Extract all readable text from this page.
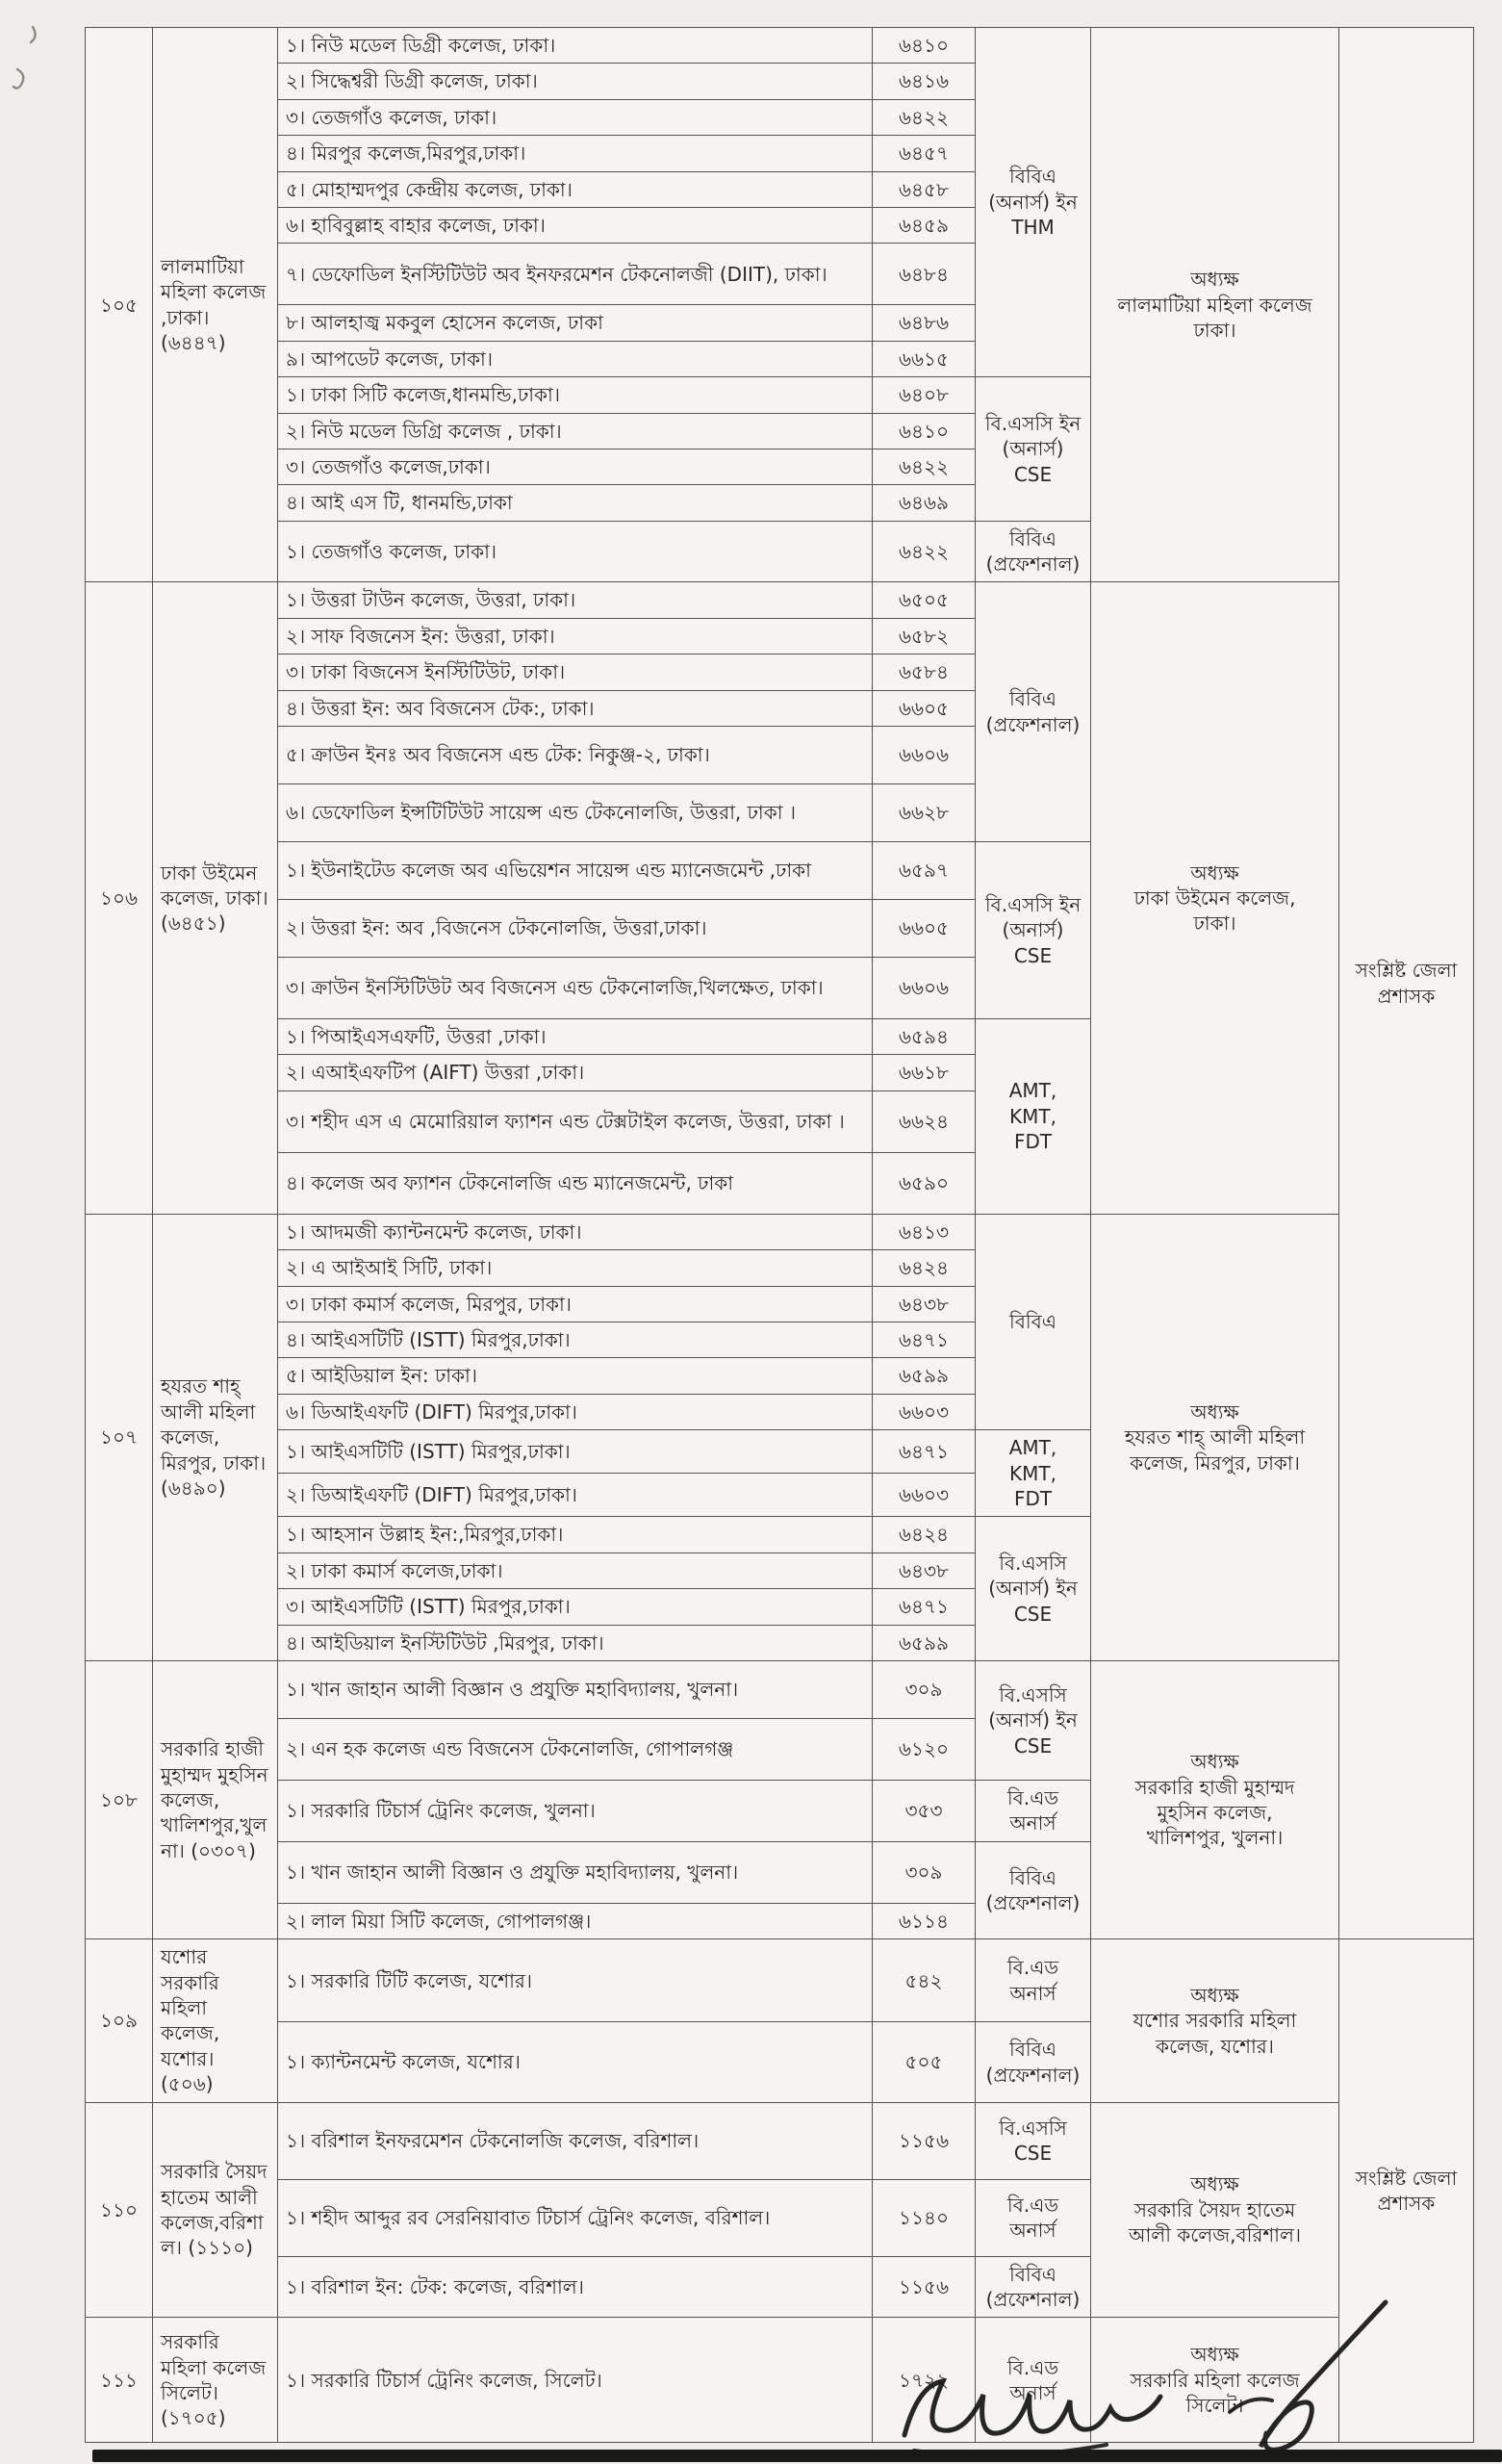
১০৫	লালমাটিয়া মহিলা কলেজ ,ঢাকা।(৬৪৪৭)	১। নিউ মডেল ডিগ্রী কলেজ, ঢাকা।	৬৪১০	বিবিএ
(অনার্স) ইন
THM	অধ্যক্ষ
লালমাটিয়া মহিলা কলেজ
ঢাকা।	সংশ্লিষ্ট জেলা
প্রশাসক

		২। সিদ্ধেশ্বরী ডিগ্রী কলেজ, ঢাকা।	৬৪১৬			
		৩। তেজগাঁও কলেজ, ঢাকা।	৬৪২২			
		৪। মিরপুর কলেজ,মিরপুর,ঢাকা।	৬৪৫৭			
		৫। মোহাম্মদপুর কেন্দ্রীয় কলেজ, ঢাকা।	৬৪৫৮			
		৬। হাবিবুল্লাহ বাহার কলেজ, ঢাকা।	৬৪৫৯			
		৭। ডেফোডিল ইনস্টিটিউট অব ইনফরমেশন টেকনোলজী (DIIT), ঢাকা।	৬৪৮৪			
		৮। আলহাজ্ব মকবুল হোসেন কলেজ, ঢাকা	৬৪৮৬			
		৯। আপডেট কলেজ, ঢাকা।	৬৬১৫			
		১। ঢাকা সিটি কলেজ,ধানমন্ডি,ঢাকা।	৬৪০৮	বি.এসসি ইন
(অনার্স)
CSE		

		২। নিউ মডেল ডিগ্রি কলেজ , ঢাকা।	৬৪১০			
		৩। তেজগাঁও কলেজ,ঢাকা।	৬৪২২			
		৪। আই এস টি, ধানমন্ডি,ঢাকা	৬৪৬৯			
		১। তেজগাঁও কলেজ, ঢাকা।	৬৪২২	বিবিএ
(প্রফেশনাল)		

১০৬	ঢাকা উইমেন কলেজ, ঢাকা। (৬৪৫১)	১। উত্তরা টাউন কলেজ, উত্তরা, ঢাকা।	৬৫০৫	বিবিএ
(প্রফেশনাল)	অধ্যক্ষ
ঢাকা উইমেন কলেজ,
ঢাকা।	

		২। সাফ বিজনেস ইন: উত্তরা, ঢাকা।	৬৫৮২			
		৩। ঢাকা বিজনেস ইনস্টিটিউট, ঢাকা।	৬৫৮৪			
		৪। উত্তরা ইন: অব বিজনেস টেক:, ঢাকা।	৬৬০৫			
		৫। ক্রাউন ইনঃ অব বিজনেস এন্ড টেক: নিকুঞ্জ-২, ঢাকা।	৬৬০৬			
		৬। ডেফোডিল ইন্সটিটিউট সায়েন্স এন্ড টেকনোলজি, উত্তরা, ঢাকা ।	৬৬২৮			
		১। ইউনাইটেড কলেজ অব এভিয়েশন সায়েন্স এন্ড ম্যানেজমেন্ট ,ঢাকা	৬৫৯৭	বি.এসসি ইন
(অনার্স)
CSE		

		২। উত্তরা ইন: অব ,বিজনেস টেকনোলজি, উত্তরা,ঢাকা।	৬৬০৫			
		৩। ক্রাউন ইনস্টিটিউট অব বিজনেস এন্ড টেকনোলজি,খিলক্ষেত, ঢাকা।	৬৬০৬			
		১। পিআইএসএফটি, উত্তরা ,ঢাকা।	৬৫৯৪	AMT,
KMT,
FDT		

		২। এআইএফটিপ (AIFT) উত্তরা ,ঢাকা।	৬৬১৮			
		৩। শহীদ এস এ মেমোরিয়াল ফ্যাশন এন্ড টেক্সটাইল কলেজ, উত্তরা, ঢাকা ।	৬৬২৪			
		৪। কলেজ অব ফ্যাশন টেকনোলজি এন্ড ম্যানেজমেন্ট, ঢাকা	৬৫৯০			
১০৭	হযরত শাহ্ আলী মহিলা কলেজ, মিরপুর, ঢাকা। (৬৪৯০)	১। আদমজী ক্যান্টনমেন্ট কলেজ, ঢাকা।	৬৪১৩	বিবিএ	অধ্যক্ষ
হযরত শাহ্ আলী মহিলা
কলেজ, মিরপুর, ঢাকা।	

		২। এ আইআই সিটি, ঢাকা।	৬৪২৪			
		৩। ঢাকা কমার্স কলেজ, মিরপুর, ঢাকা।	৬৪৩৮			
		৪। আইএসটিটি (ISTT) মিরপুর,ঢাকা।	৬৪৭১			
		৫। আইডিয়াল ইন: ঢাকা।	৬৫৯৯			
		৬। ডিআইএফটি (DIFT) মিরপুর,ঢাকা।	৬৬০৩			
		১। আইএসটিটি (ISTT) মিরপুর,ঢাকা।	৬৪৭১	AMT,
KMT,
FDT		

		২। ডিআইএফটি (DIFT) মিরপুর,ঢাকা।	৬৬০৩			
		১। আহসান উল্লাহ ইন:,মিরপুর,ঢাকা।	৬৪২৪	বি.এসসি
(অনার্স) ইন
CSE		

		২। ঢাকা কমার্স কলেজ,ঢাকা।	৬৪৩৮			
		৩। আইএসটিটি (ISTT) মিরপুর,ঢাকা।	৬৪৭১			
		৪। আইডিয়াল ইনস্টিটিউট ,মিরপুর, ঢাকা।	৬৫৯৯			
১০৮	সরকারি হাজী মুহাম্মদ মুহসিন কলেজ, খালিশপুর,খুলনা। (০৩০৭)	১। খান জাহান আলী বিজ্ঞান ও প্রযুক্তি মহাবিদ্যালয়, খুলনা।	৩০৯	বি.এসসি
(অনার্স) ইন
CSE	অধ্যক্ষ
সরকারি হাজী মুহাম্মদ
মুহসিন কলেজ,
খালিশপুর, খুলনা।	

		২। এন হক কলেজ এন্ড বিজনেস টেকনোলজি, গোপালগঞ্জ	৬১২০			
		১। সরকারি টিচার্স ট্রেনিং কলেজ, খুলনা।	৩৫৩	বি.এড
অনার্স		

		১। খান জাহান আলী বিজ্ঞান ও প্রযুক্তি মহাবিদ্যালয়, খুলনা।	৩০৯	বিবিএ
(প্রফেশনাল)		

		২। লাল মিয়া সিটি কলেজ, গোপালগঞ্জ।	৬১১৪			
১০৯	যশোর সরকারি মহিলা কলেজ, যশোর। (৫০৬)	১। সরকারি টিটি কলেজ, যশোর।	৫৪২	বি.এড
অনার্স	অধ্যক্ষ
যশোর সরকারি মহিলা
কলেজ, যশোর।	সংশ্লিষ্ট জেলা
প্রশাসক

		১। ক্যান্টনমেন্ট কলেজ, যশোর।	৫০৫	বিবিএ
(প্রফেশনাল)		

১১০	সরকারি সৈয়দ হাতেম আলী কলেজ,বরিশাল। (১১১০)	১। বরিশাল ইনফরমেশন টেকনোলজি কলেজ, বরিশাল।	১১৫৬	বি.এসসি
CSE	অধ্যক্ষ
সরকারি সৈয়দ হাতেম
আলী কলেজ,বরিশাল।	

		১। শহীদ আব্দুর রব সেরনিয়াবাত টিচার্স ট্রেনিং কলেজ, বরিশাল।	১১৪০	বি.এড
অনার্স		

		১। বরিশাল ইন: টেক: কলেজ, বরিশাল।	১১৫৬	বিবিএ
(প্রফেশনাল)		

১১১	সরকারি মহিলা কলেজ সিলেট।(১৭০৫)	১। সরকারি টিচার্স ট্রেনিং কলেজ, সিলেট।	১৭২২	বি.এড
অনার্স	অধ্যক্ষ
সরকারি মহিলা কলেজ
সিলেট।	
